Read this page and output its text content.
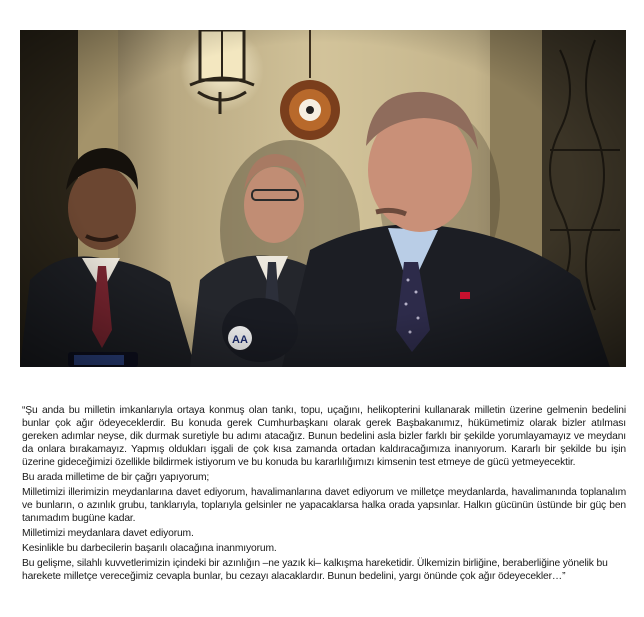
“Şu anda bu milletin imkanlarıyla ortaya konmuş olan tankı, topu, uçağını, helikopterini kullanarak milletin üzerine gelmenin bedelini bunlar çok ağır ödeyeceklerdir. Bu konuda gerek Cumhurbaşkanı olarak gerek Başbakanımız, hükümetimiz olarak bizler atılması gereken adımlar neyse, dik durmak suretiyle bu adımı atacağız. Bunun bedelini asla bizler farklı bir şekilde yorumlayamayız ve meydanı da onlara bırakamayız. Yapmış oldukları işgali de çok kısa zamanda ortadan kaldıracağımıza inanıyorum. Kararlı bir şekilde bu işin üzerine gideceğimizi özellikle bildirmek istiyorum ve bu konuda bu kararlılığımızı kimsenin test etmeye de gücü yetmeyecektir.

Bu arada milletime de bir çağrı yapıyorum;

Milletimizi illerimizin meydanlarına davet ediyorum, havalimanlarına davet ediyorum ve milletçe meydanlarda, havalimanında toplanalım ve bunların, o azınlık grubu, tanklarıyla, toplarıyla gelsinler ne yapacaklarsa halka orada yapsınlar. Halkın gücünün üstünde bir güç ben tanımadım bugüne kadar.

Milletimizi meydanlara davet ediyorum.

Kesinlikle bu darbecilerin başarılı olacağına inanmıyorum.

Bu gelişme, silahlı kuvvetlerimizin içindeki bir azınlığın –ne yazık ki– kalkışma hareketidir. Ülkemizin birliğine, beraberliğine yönelik bu harekete milletçe vereceğimiz cevapla bunlar, bu cezayı alacaklardır. Bunun bedelini, yargı önünde çok ağır ödeyecekler…”
